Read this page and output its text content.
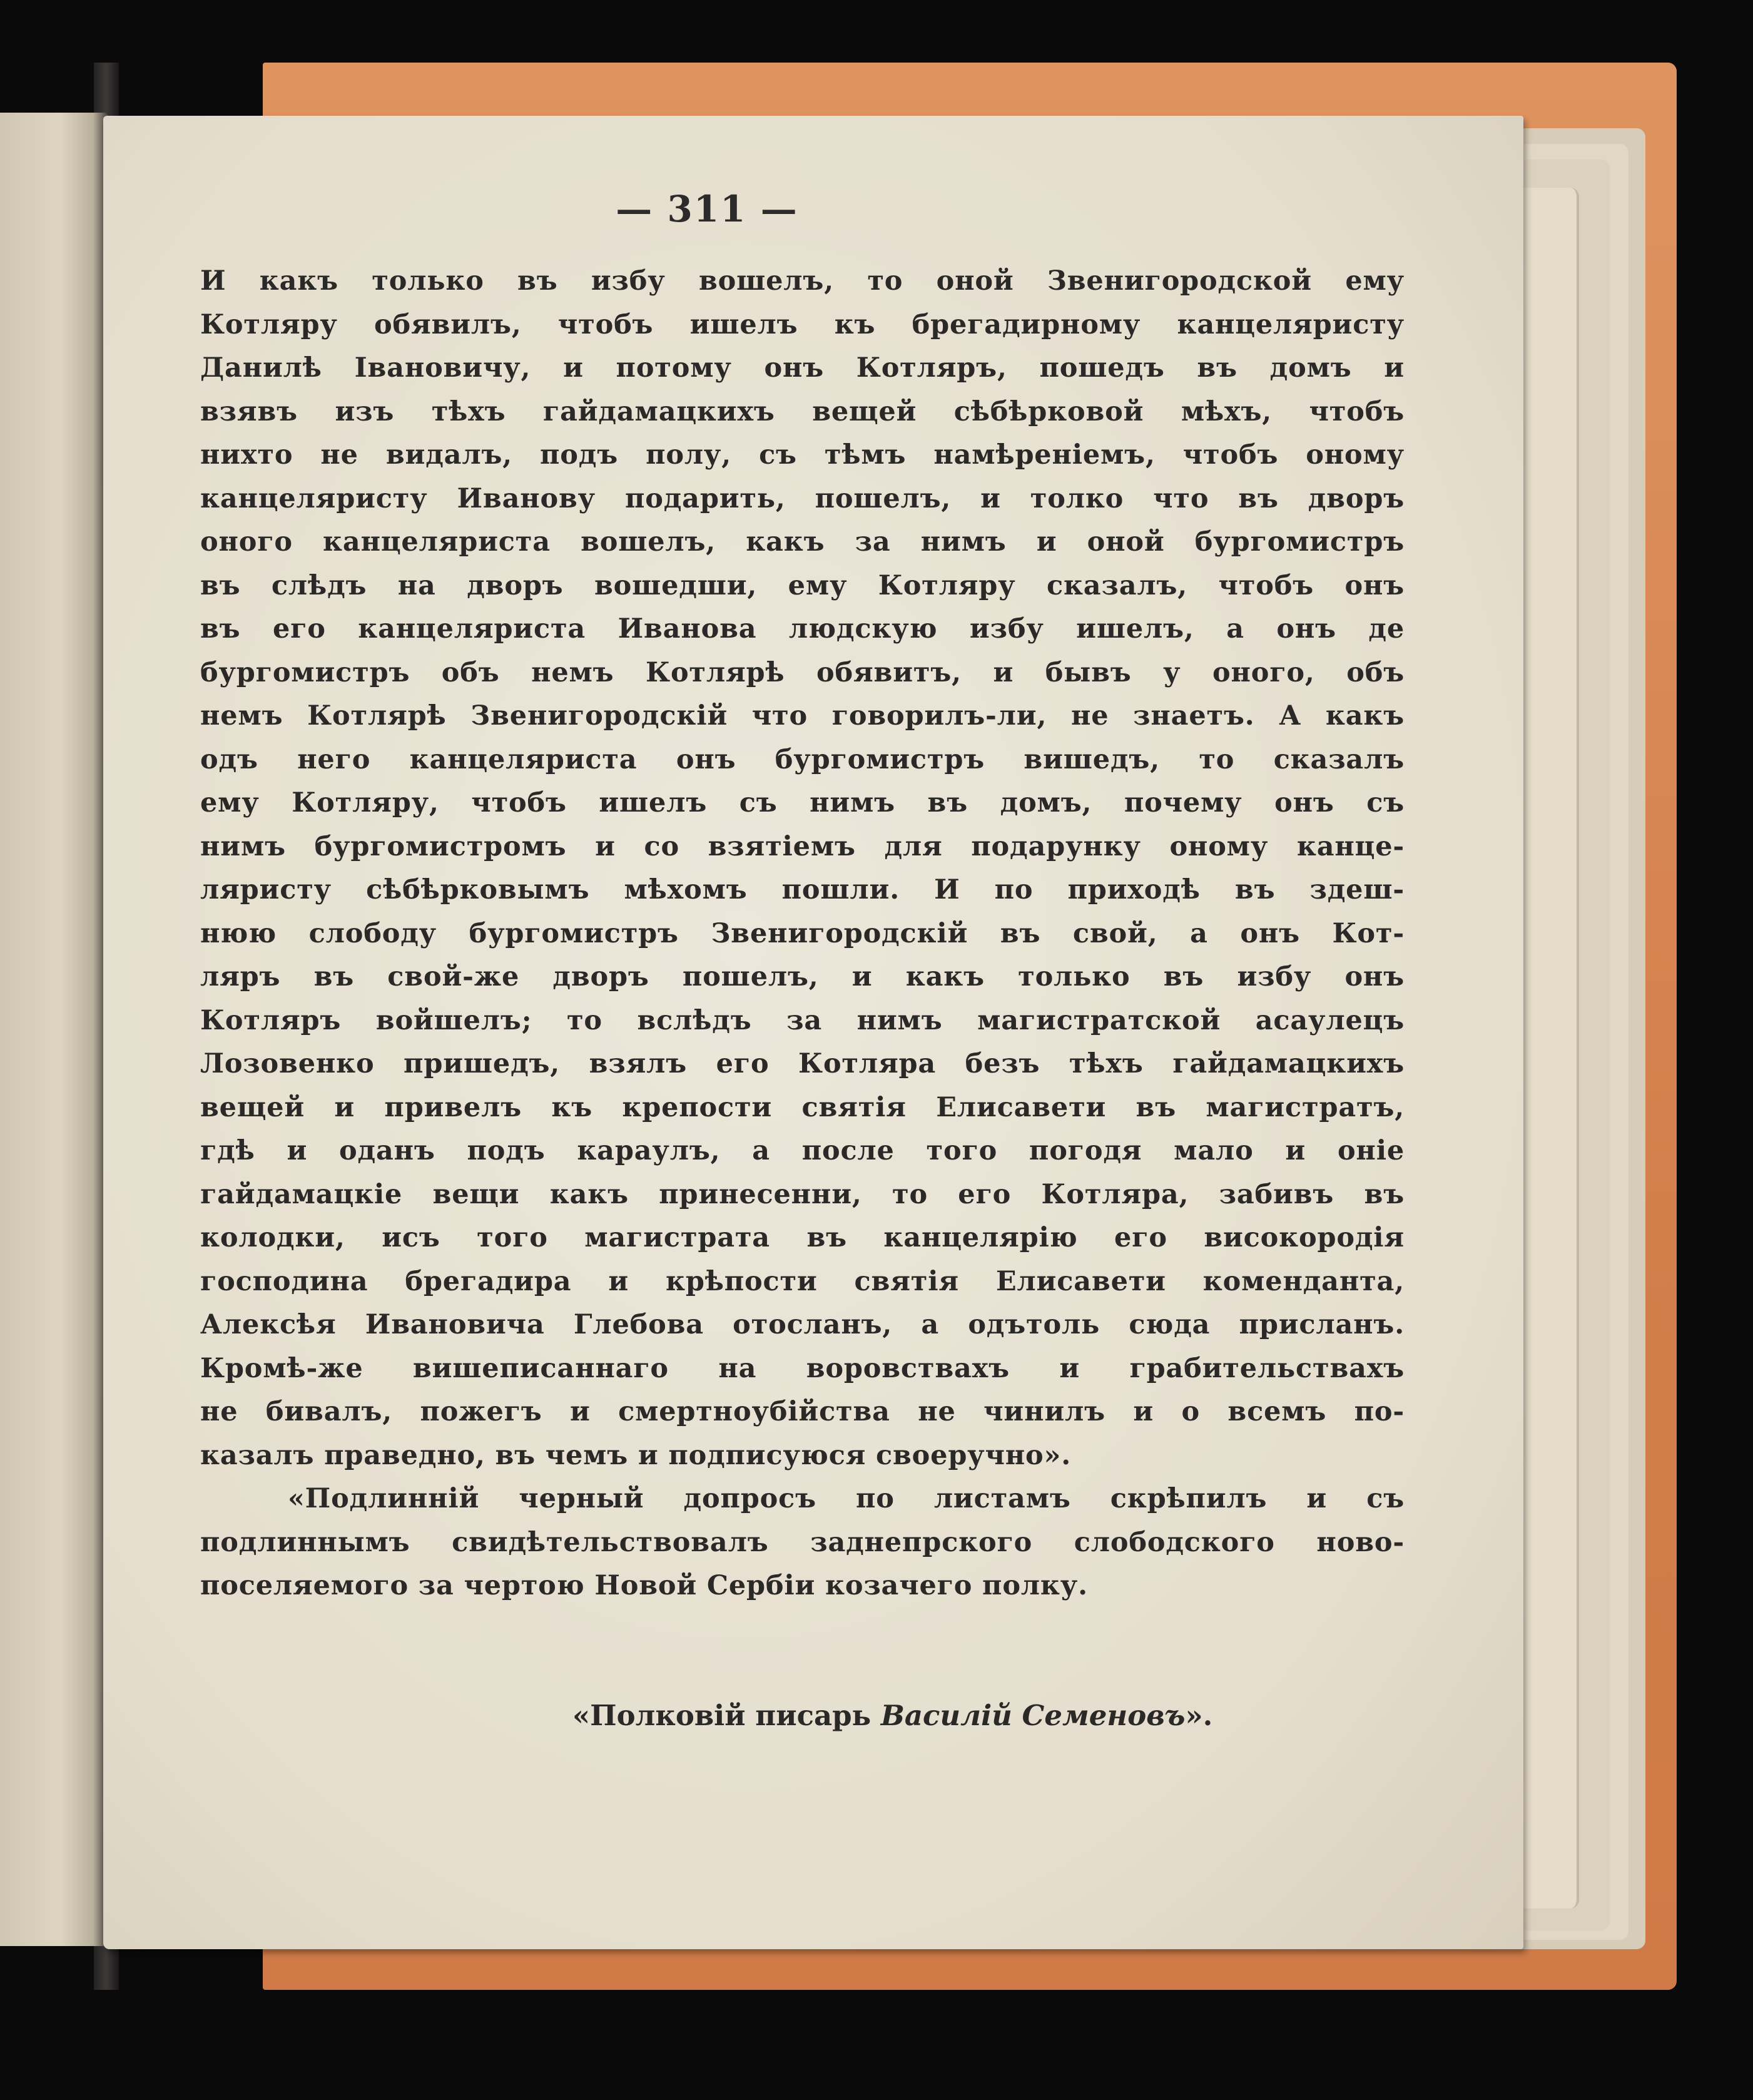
— 311 —
И какъ только въ избу вошелъ, то оной Звенигородской ему
Котляру обявилъ, чтобъ ишелъ къ брегадирному канцеляристу
Данилѣ Івановичу, и потому онъ Котляръ, пошедъ въ домъ и
взявъ изъ тѣхъ гайдамацкихъ вещей сѣбѣрковой мѣхъ, чтобъ
нихто не видалъ, подъ полу, съ тѣмъ намѣреніемъ, чтобъ оному
канцеляристу Иванову подарить, пошелъ, и толко что въ дворъ
оного канцеляриста вошелъ, какъ за нимъ и оной бургомистръ
въ слѣдъ на дворъ вошедши, ему Котляру сказалъ, чтобъ онъ
въ его канцеляриста Иванова людскую избу ишелъ, а онъ де
бургомистръ объ немъ Котлярѣ обявитъ, и бывъ у оного, объ
немъ Котлярѣ Звенигородскій что говорилъ-ли, не знаетъ. А какъ
одъ него канцеляриста онъ бургомистръ вишедъ, то сказалъ
ему Котляру, чтобъ ишелъ съ нимъ въ домъ, почему онъ съ
нимъ бургомистромъ и со взятіемъ для подарунку оному канце-
ляристу сѣбѣрковымъ мѣхомъ пошли. И по приходѣ въ здеш-
нюю слободу бургомистръ Звенигородскій въ свой, а онъ Кот-
ляръ въ свой-же дворъ пошелъ, и какъ только въ избу онъ
Котляръ войшелъ; то вслѣдъ за нимъ магистратской асаулецъ
Лозовенко пришедъ, взялъ его Котляра безъ тѣхъ гайдамацкихъ
вещей и привелъ къ крепости святія Елисавети въ магистратъ,
гдѣ и оданъ подъ караулъ, а после того погодя мало и оніе
гайдамацкіе вещи какъ принесенни, то его Котляра, забивъ въ
колодки, исъ того магистрата въ канцелярію его високородія
господина брегадира и крѣпости святія Елисавети коменданта,
Алексѣя Ивановича Глебова отосланъ, а одътоль сюда присланъ.
Кромѣ-же вишеписаннаго на воровствахъ и грабительствахъ
не бивалъ, пожегъ и смертноубійства не чинилъ и о всемъ по-
казалъ праведно, въ чемъ и подписуюся своеручно».
«Подлинній черный допросъ по листамъ скрѣпилъ и съ
подлиннымъ свидѣтельствовалъ заднепрского слободского ново-
поселяемого за чертою Новой Сербіи козачего полку.
«Полковій писарь Василій Семеновъ».
